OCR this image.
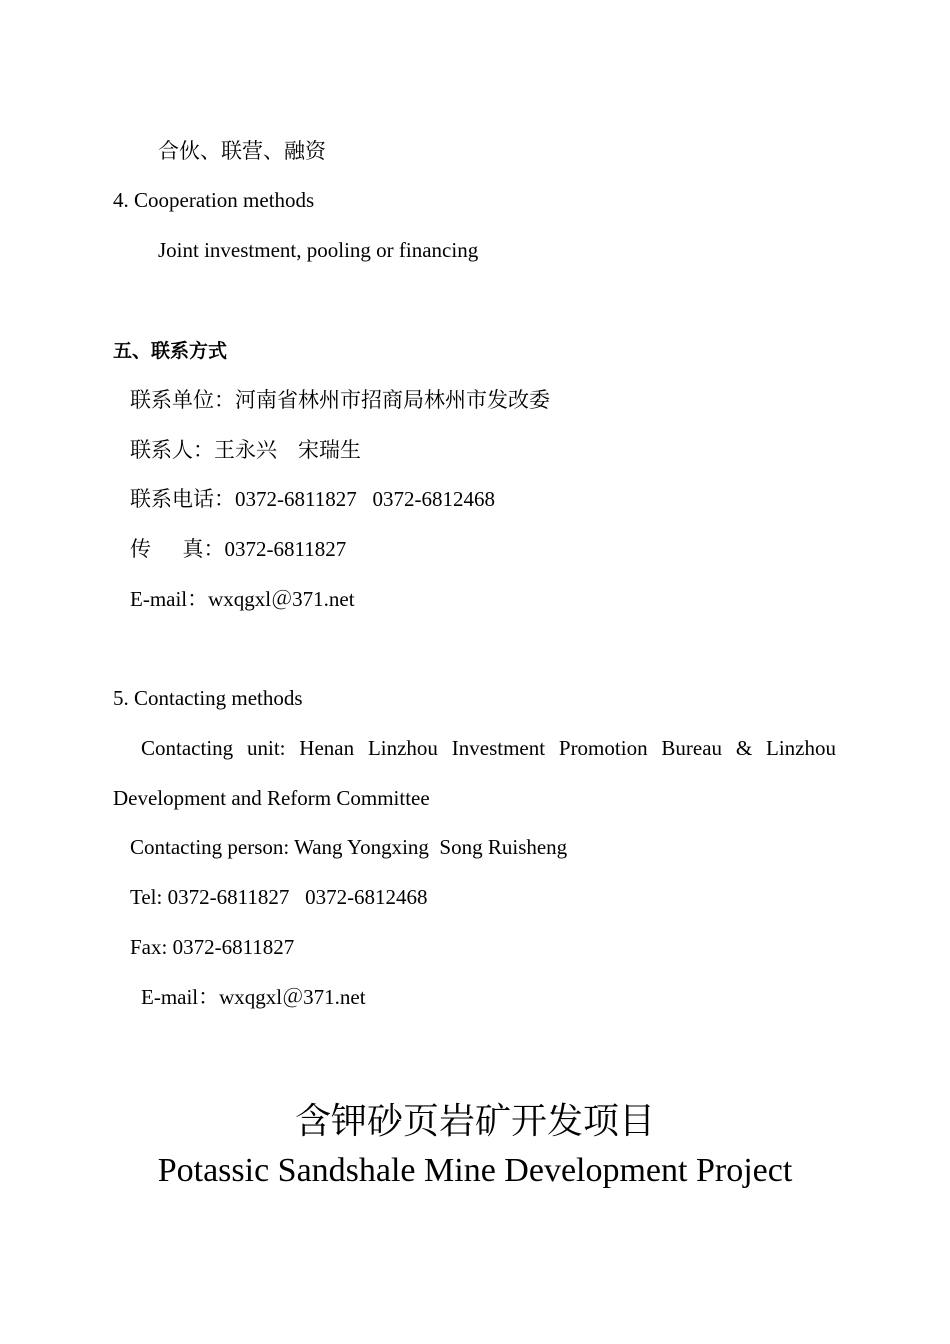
合伙、联营、融资
4. Cooperation methods
Joint investment, pooling or financing
五、联系方式
联系单位：河南省林州市招商局林州市发改委
联系人：王永兴    宋瑞生
联系电话：0372-6811827   0372-6812468
传      真：0372-6811827
E-mail：wxqgxl＠371.net
5. Contacting methods
Contacting unit: Henan Linzhou Investment Promotion Bureau & Linzhou
Development and Reform Committee
Contacting person: Wang Yongxing  Song Ruisheng
Tel: 0372-6811827   0372-6812468
Fax: 0372-6811827
E-mail：wxqgxl＠371.net
含钾砂页岩矿开发项目
Potassic Sandshale Mine Development Project
